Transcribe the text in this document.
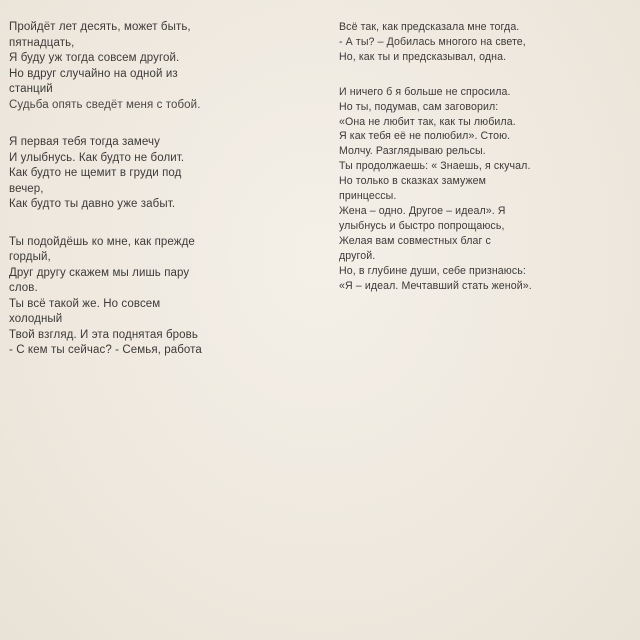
Пройдёт лет десять, может быть,
пятнадцать,
Я буду уж тогда совсем другой.
Но вдруг случайно на одной из
станций
Судьба опять сведёт меня с тобой.
Я первая тебя тогда замечу
И улыбнусь. Как будто не болит.
Как будто не щемит в груди под
вечер,
Как будто ты давно уже забыт.
Ты подойдёшь ко мне, как прежде
гордый,
Друг другу скажем мы лишь пару
слов.
Ты всё такой же. Но совсем
холодный
Твой взгляд. И эта поднятая бровь
- С кем ты сейчас? - Семья, работа
Всё так, как предсказала мне тогда.
- А ты? – Добилась многого на свете,
Но, как ты и предсказывал, одна.
И ничего б я больше не спросила.
Но ты, подумав, сам заговорил:
«Она не любит так, как ты любила.
Я как тебя её не полюбил». Стою.
Молчу. Разглядываю рельсы.
Ты продолжаешь: « Знаешь, я скучал.
Но только в сказках замужем
принцессы.
Жена – одно. Другое – идеал». Я
улыбнусь и быстро попрощаюсь,
Желая вам совместных благ с
другой.
Но, в глубине души, себе признаюсь:
«Я – идеал. Мечтавший стать женой».
